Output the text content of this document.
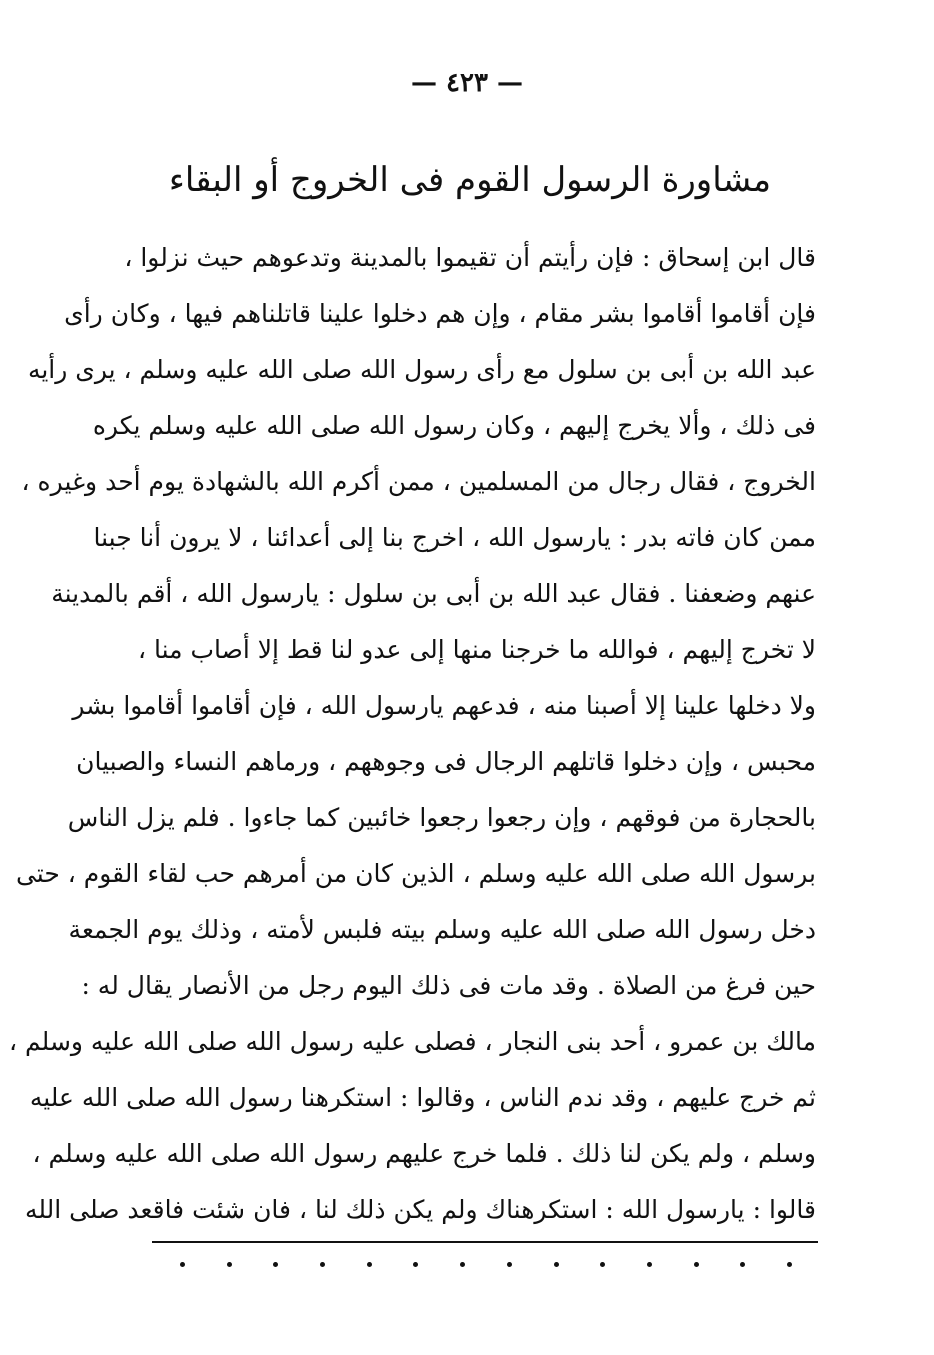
— ٤٢٣ —
مشاورة الرسول القوم فى الخروج أو البقاء
قال ابن إسحاق : فإن رأيتم أن تقيموا بالمدينة وتدعوهم حيث نزلوا ،
فإن أقاموا أقاموا بشر مقام ، وإن هم دخلوا علينا قاتلناهم فيها ، وكان رأى
عبد الله بن أبى بن سلول مع رأى رسول الله صلى الله عليه وسلم ، يرى رأيه
فى ذلك ، وألا يخرج إليهم ، وكان رسول الله صلى الله عليه وسلم يكره
الخروج ، فقال رجال من المسلمين ، ممن أكرم الله بالشهادة يوم أحد وغيره ،
ممن كان فاته بدر : يارسول الله ، اخرج بنا إلى أعدائنا ، لا يرون أنا جبنا
عنهم وضعفنا . فقال عبد الله بن أبى بن سلول : يارسول الله ، أقم بالمدينة
لا تخرج إليهم ، فوالله ما خرجنا منها إلى عدو لنا قط إلا أصاب منا ،
ولا دخلها علينا إلا أصبنا منه ، فدعهم يارسول الله ، فإن أقاموا أقاموا بشر
محبس ، وإن دخلوا قاتلهم الرجال فى وجوههم ، ورماهم النساء والصبيان
بالحجارة من فوقهم ، وإن رجعوا رجعوا خائبين كما جاءوا . فلم يزل الناس
برسول الله صلى الله عليه وسلم ، الذين كان من أمرهم حب لقاء القوم ، حتى
دخل رسول الله صلى الله عليه وسلم بيته فلبس لأمته ، وذلك يوم الجمعة
حين فرغ من الصلاة . وقد مات فى ذلك اليوم رجل من الأنصار يقال له :
مالك بن عمرو ، أحد بنى النجار ، فصلى عليه رسول الله صلى الله عليه وسلم ،
ثم خرج عليهم ، وقد ندم الناس ، وقالوا : استكرهنا رسول الله صلى الله عليه
وسلم ، ولم يكن لنا ذلك . فلما خرج عليهم رسول الله صلى الله عليه وسلم ،
قالوا : يارسول الله : استكرهناك ولم يكن ذلك لنا ، فان شئت فاقعد صلى الله
